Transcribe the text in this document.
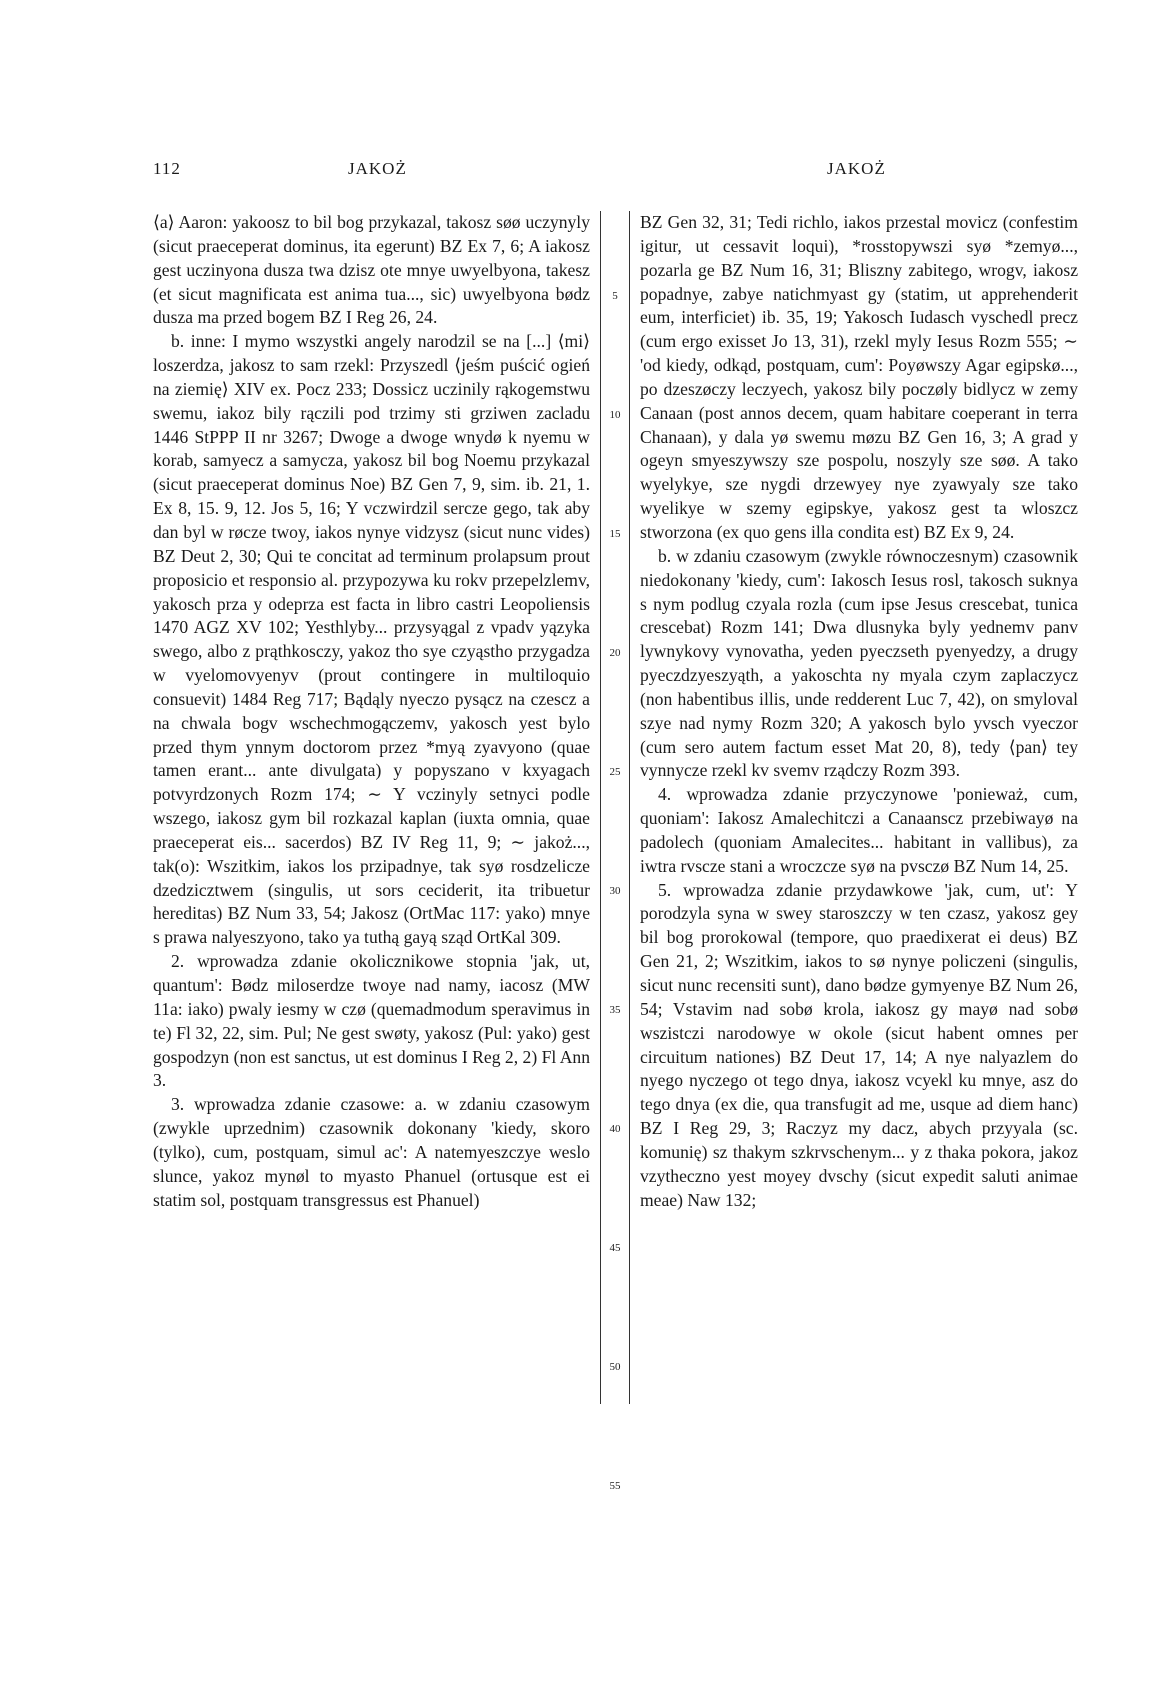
112	JAKOŻ	JAKOŻ

⟨a⟩ Aaron: yakoosz to bil bog przykazal, takosz søø uczynyly (sicut praeceperat dominus, ita egerunt) BZ Ex 7, 6; A iakosz gest uczinyona dusza twa dzisz ote mnye uwyelbyona, takesz (et sicut magnificata est anima tua..., sic) uwyelbyona bødz dusza ma przed bogem BZ I Reg 26, 24.

b. inne: I mymo wszystki angely narodzil se na [...] ⟨mi⟩loszerdza, jakosz to sam rzekl: Przyszedl ⟨jeśm puścić ogień na ziemię⟩ XIV ex. Pocz 233; Dossicz uczinily rąkogemstwu swemu, iakoz bily rączili pod trzimy sti grziwen zacladu 1446 StPPP II nr 3267; Dwoge a dwoge wnydø k nyemu w korab, samyecz a samycza, yakosz bil bog Noemu przykazal (sicut praeceperat dominus Noe) BZ Gen 7, 9, sim. ib. 21, 1. Ex 8, 15. 9, 12. Jos 5, 16; Y vczwirdzil sercze gego, tak aby dan byl w røcze twoy, iakos nynye vidzysz (sicut nunc vides) BZ Deut 2, 30; Qui te concitat ad terminum prolapsum prout proposicio et responsio al. przypozywa ku rokv przepelzlemv, yakosch prza y odeprza est facta in libro castri Leopoliensis 1470 AGZ XV 102; Yesthlyby... przysyągal z vpadv yązyka swego, albo z prąthkosczy, yakoz tho sye czyąstho przygadza w vyelomovyenyv (prout contingere in multiloquio consuevit) 1484 Reg 717; Bądąly nyeczo pysącz na czescz a na chwala bogv wschechmogączemv, yakosch yest bylo przed thym ynnym doctorom przez *myą zyavyono (quae tamen erant... ante divulgata) y popyszano v kxyagach potvyrdzonych Rozm 174; ∼ Y vczinyly setnyci podle wszego, iakosz gym bil rozkazal kaplan (iuxta omnia, quae praeceperat eis... sacerdos) BZ IV Reg 11, 9; ∼ jakoż..., tak(o): Wszitkim, iakos los przipadnye, tak syø rosdzelicze dzedzicztwem (singulis, ut sors ceciderit, ita tribuetur hereditas) BZ Num 33, 54; Jakosz (OrtMac 117: yako) mnye s prawa nalyeszyono, tako ya tuthą gayą sząd OrtKal 309.

2. wprowadza zdanie okolicznikowe stopnia 'jak, ut, quantum': Bødz miloserdze twoye nad namy, iacosz (MW 11a: iako) pwaly iesmy w czø (quemadmodum speravimus in te) Fl 32, 22, sim. Pul; Ne gest swøty, yakosz (Pul: yako) gest gospodzyn (non est sanctus, ut est dominus I Reg 2, 2) Fl Ann 3.

3. wprowadza zdanie czasowe: a. w zdaniu czasowym (zwykle uprzednim) czasownik dokonany 'kiedy, skoro (tylko), cum, postquam, simul ac': A natemyeszczye weslo slunce, yakoz mynøl to myasto Phanuel (ortusque est ei statim sol, postquam transgressus est Phanuel)

5
10
15
20
25
30
35
40
45
50
55

BZ Gen 32, 31; Tedi richlo, iakos przestal movicz (confestim igitur, ut cessavit loqui), *rosstopywszi syø *zemyø..., pozarla ge BZ Num 16, 31; Bliszny zabitego, wrogv, iakosz popadnye, zabye natichmyast gy (statim, ut apprehenderit eum, interficiet) ib. 35, 19; Yakosch Iudasch vyschedl precz (cum ergo exisset Jo 13, 31), rzekl myly Iesus Rozm 555; ∼ 'od kiedy, odkąd, postquam, cum': Poyøwszy Agar egipskø..., po dzeszøczy leczyech, yakosz bily poczøly bidlycz w zemy Canaan (post annos decem, quam habitare coeperant in terra Chanaan), y dala yø swemu møzu BZ Gen 16, 3; A grad y ogeyn smyeszywszy sze pospolu, noszyly sze søø. A tako wyelykye, sze nygdi drzewyey nye zyawyaly sze tako wyelikye w szemy egipskye, yakosz gest ta wloszcz stworzona (ex quo gens illa condita est) BZ Ex 9, 24.

b. w zdaniu czasowym (zwykle równoczesnym) czasownik niedokonany 'kiedy, cum': Iakosch Iesus rosl, takosch suknya s nym podlug czyala rozla (cum ipse Jesus crescebat, tunica crescebat) Rozm 141; Dwa dlusnyka byly yednemv panv lywnykovy vynovatha, yeden pyeczseth pyenyedzy, a drugy pyeczdzyeszyąth, a yakoschta ny myala czym zaplaczycz (non habentibus illis, unde redderent Luc 7, 42), on smyloval szye nad nymy Rozm 320; A yakosch bylo yvsch vyeczor (cum sero autem factum esset Mat 20, 8), tedy ⟨pan⟩ tey vynnycze rzekl kv svemv rządczy Rozm 393.

4. wprowadza zdanie przyczynowe 'ponieważ, cum, quoniam': Iakosz Amalechitczi a Canaanscz przebiwayø na padolech (quoniam Amalecites... habitant in vallibus), za iwtra rvscze stani a wroczcze syø na pvsczø BZ Num 14, 25.

5. wprowadza zdanie przydawkowe 'jak, cum, ut': Y porodzyla syna w swey staroszczy w ten czasz, yakosz gey bil bog prorokowal (tempore, quo praedixerat ei deus) BZ Gen 21, 2; Wszitkim, iakos to sø nynye policzeni (singulis, sicut nunc recensiti sunt), dano bødze gymyenye BZ Num 26, 54; Vstavim nad sobø krola, iakosz gy mayø nad sobø wszistczi narodowye w okole (sicut habent omnes per circuitum nationes) BZ Deut 17, 14; A nye nalyazlem do nyego nyczego ot tego dnya, iakosz vcyekl ku mnye, asz do tego dnya (ex die, qua transfugit ad me, usque ad diem hanc) BZ I Reg 29, 3; Raczyz my dacz, abych przyyala (sc. komunię) sz thakym szkrvschenym... y z thaka pokora, jakoz vzytheczno yest moyey dvschy (sicut expedit saluti animae meae) Naw 132;
